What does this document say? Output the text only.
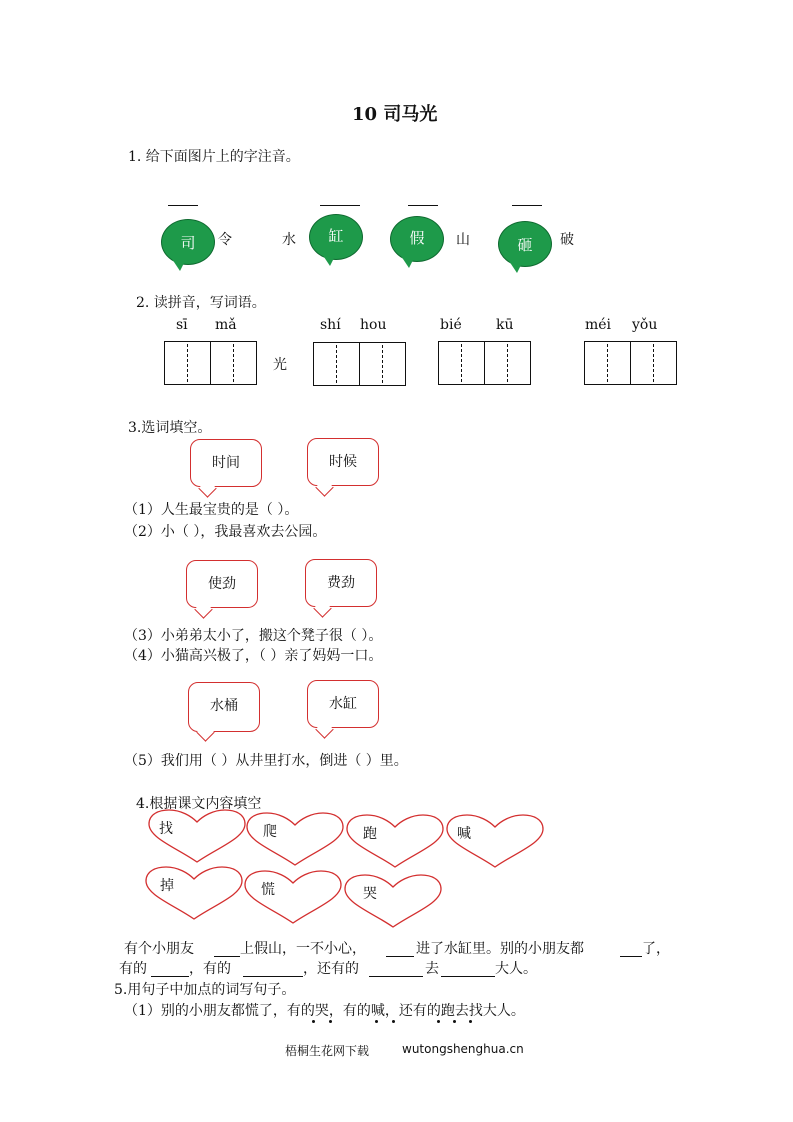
10 司马光
1. 给下面图片上的字注音。
司	令	水	缸	假	山	砸	破
2. 读拼音，写词语。
sī mǎ	shí hou	bié kū	méi yǒu
光
3.选词填空。
时间	时候
（1）人生最宝贵的是（ ）。
（2）小（ ），我最喜欢去公园。
使劲	费劲
（3）小弟弟太小了，搬这个凳子很（ ）。
（4）小猫高兴极了，（ ）亲了妈妈一口。
水桶	水缸
（5）我们用（ ）从井里打水，倒进（ ）里。
4.根据课文内容填空
找	爬	跑	喊
掉	慌	哭
有个小朋友	上假山，一不小心，	进了水缸里。别的小朋友都	了，
有的	，有的	，还有的	去	大人。
5.用句子中加点的词写句子。
（1）别的小朋友都慌了，有的哭，有的喊，还有的跑去找大人。
梧桐生花网下载	wutongshenghua.cn
